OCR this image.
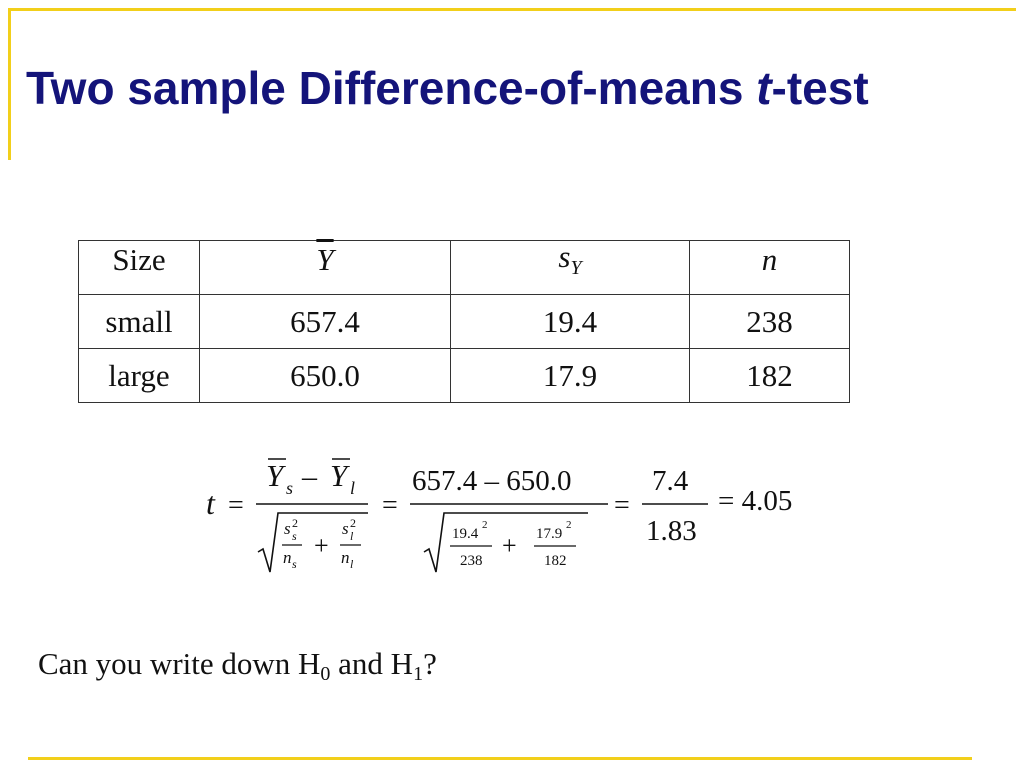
Two sample Difference-of-means t-test
Size	$\overline{Y}$	$s_Y$	n
small	657.4	19.4	238
large	650.0	17.9	182
t =
Y s – Y l
s 2
s
n s
+
s 2
l
n l
=
657.4 – 650.0
19.4
2
238
+ 17.9
2
182
=
7.4
1.83
= 4.05

Can you write down $H_0$ and $H_1$?
